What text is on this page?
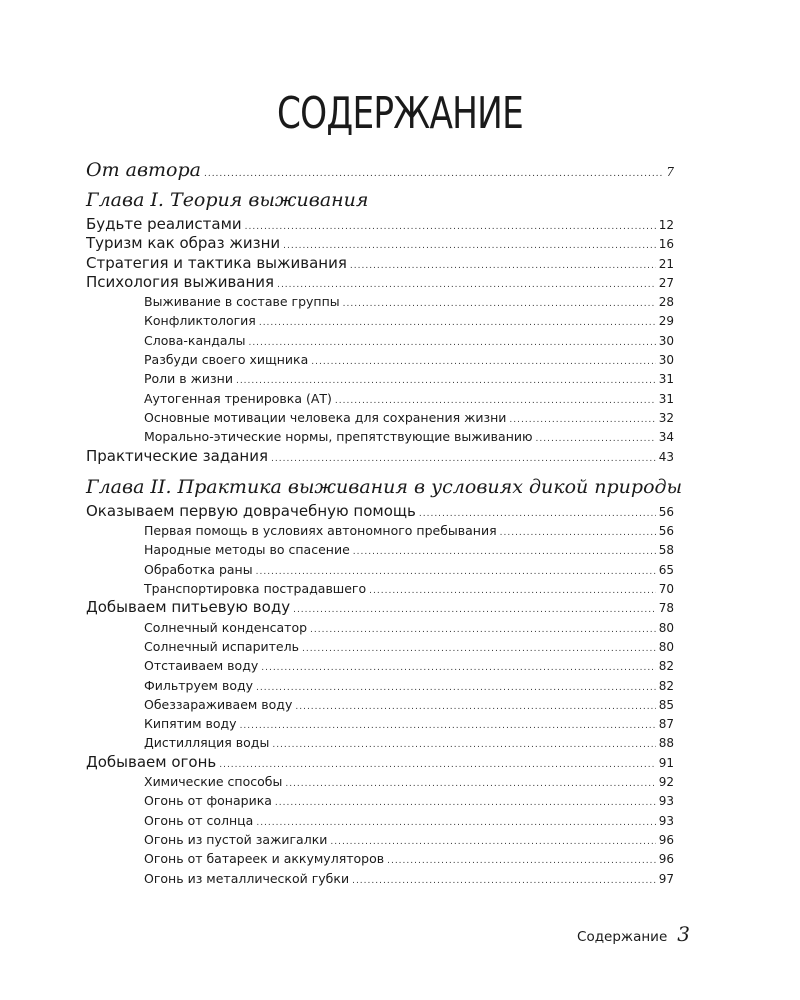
СОДЕРЖАНИЕ
От автора .....	7
Глава I. Теория выживания
Будьте реалистами .....	12
Туризм как образ жизни .....	16
Стратегия и тактика выживания .....	21
Психология выживания .....	27
Выживание в составе группы .....	28
Конфликтология .....	29
Слова-кандалы .....	30
Разбуди своего хищника .....	30
Роли в жизни .....	31
Аутогенная тренировка (АТ) .....	31
Основные мотивации человека для сохранения жизни .....	32
Морально-этические нормы, препятствующие выживанию .....	34
Практические задания .....	43
Глава II. Практика выживания в условиях дикой природы
Оказываем первую доврачебную помощь .....	56
Первая помощь в условиях автономного пребывания .....	56
Народные методы во спасение .....	58
Обработка раны .....	65
Транспортировка пострадавшего .....	70
Добываем питьевую воду .....	78
Солнечный конденсатор .....	80
Солнечный испаритель .....	80
Отстаиваем воду .....	82
Фильтруем воду .....	82
Обеззараживаем воду .....	85
Кипятим воду .....	87
Дистилляция воды .....	88
Добываем огонь .....	91
Химические способы .....	92
Огонь от фонарика .....	93
Огонь от солнца .....	93
Огонь из пустой зажигалки .....	96
Огонь от батареек и аккумуляторов .....	96
Огонь из металлической губки .....	97
Содержание 3
